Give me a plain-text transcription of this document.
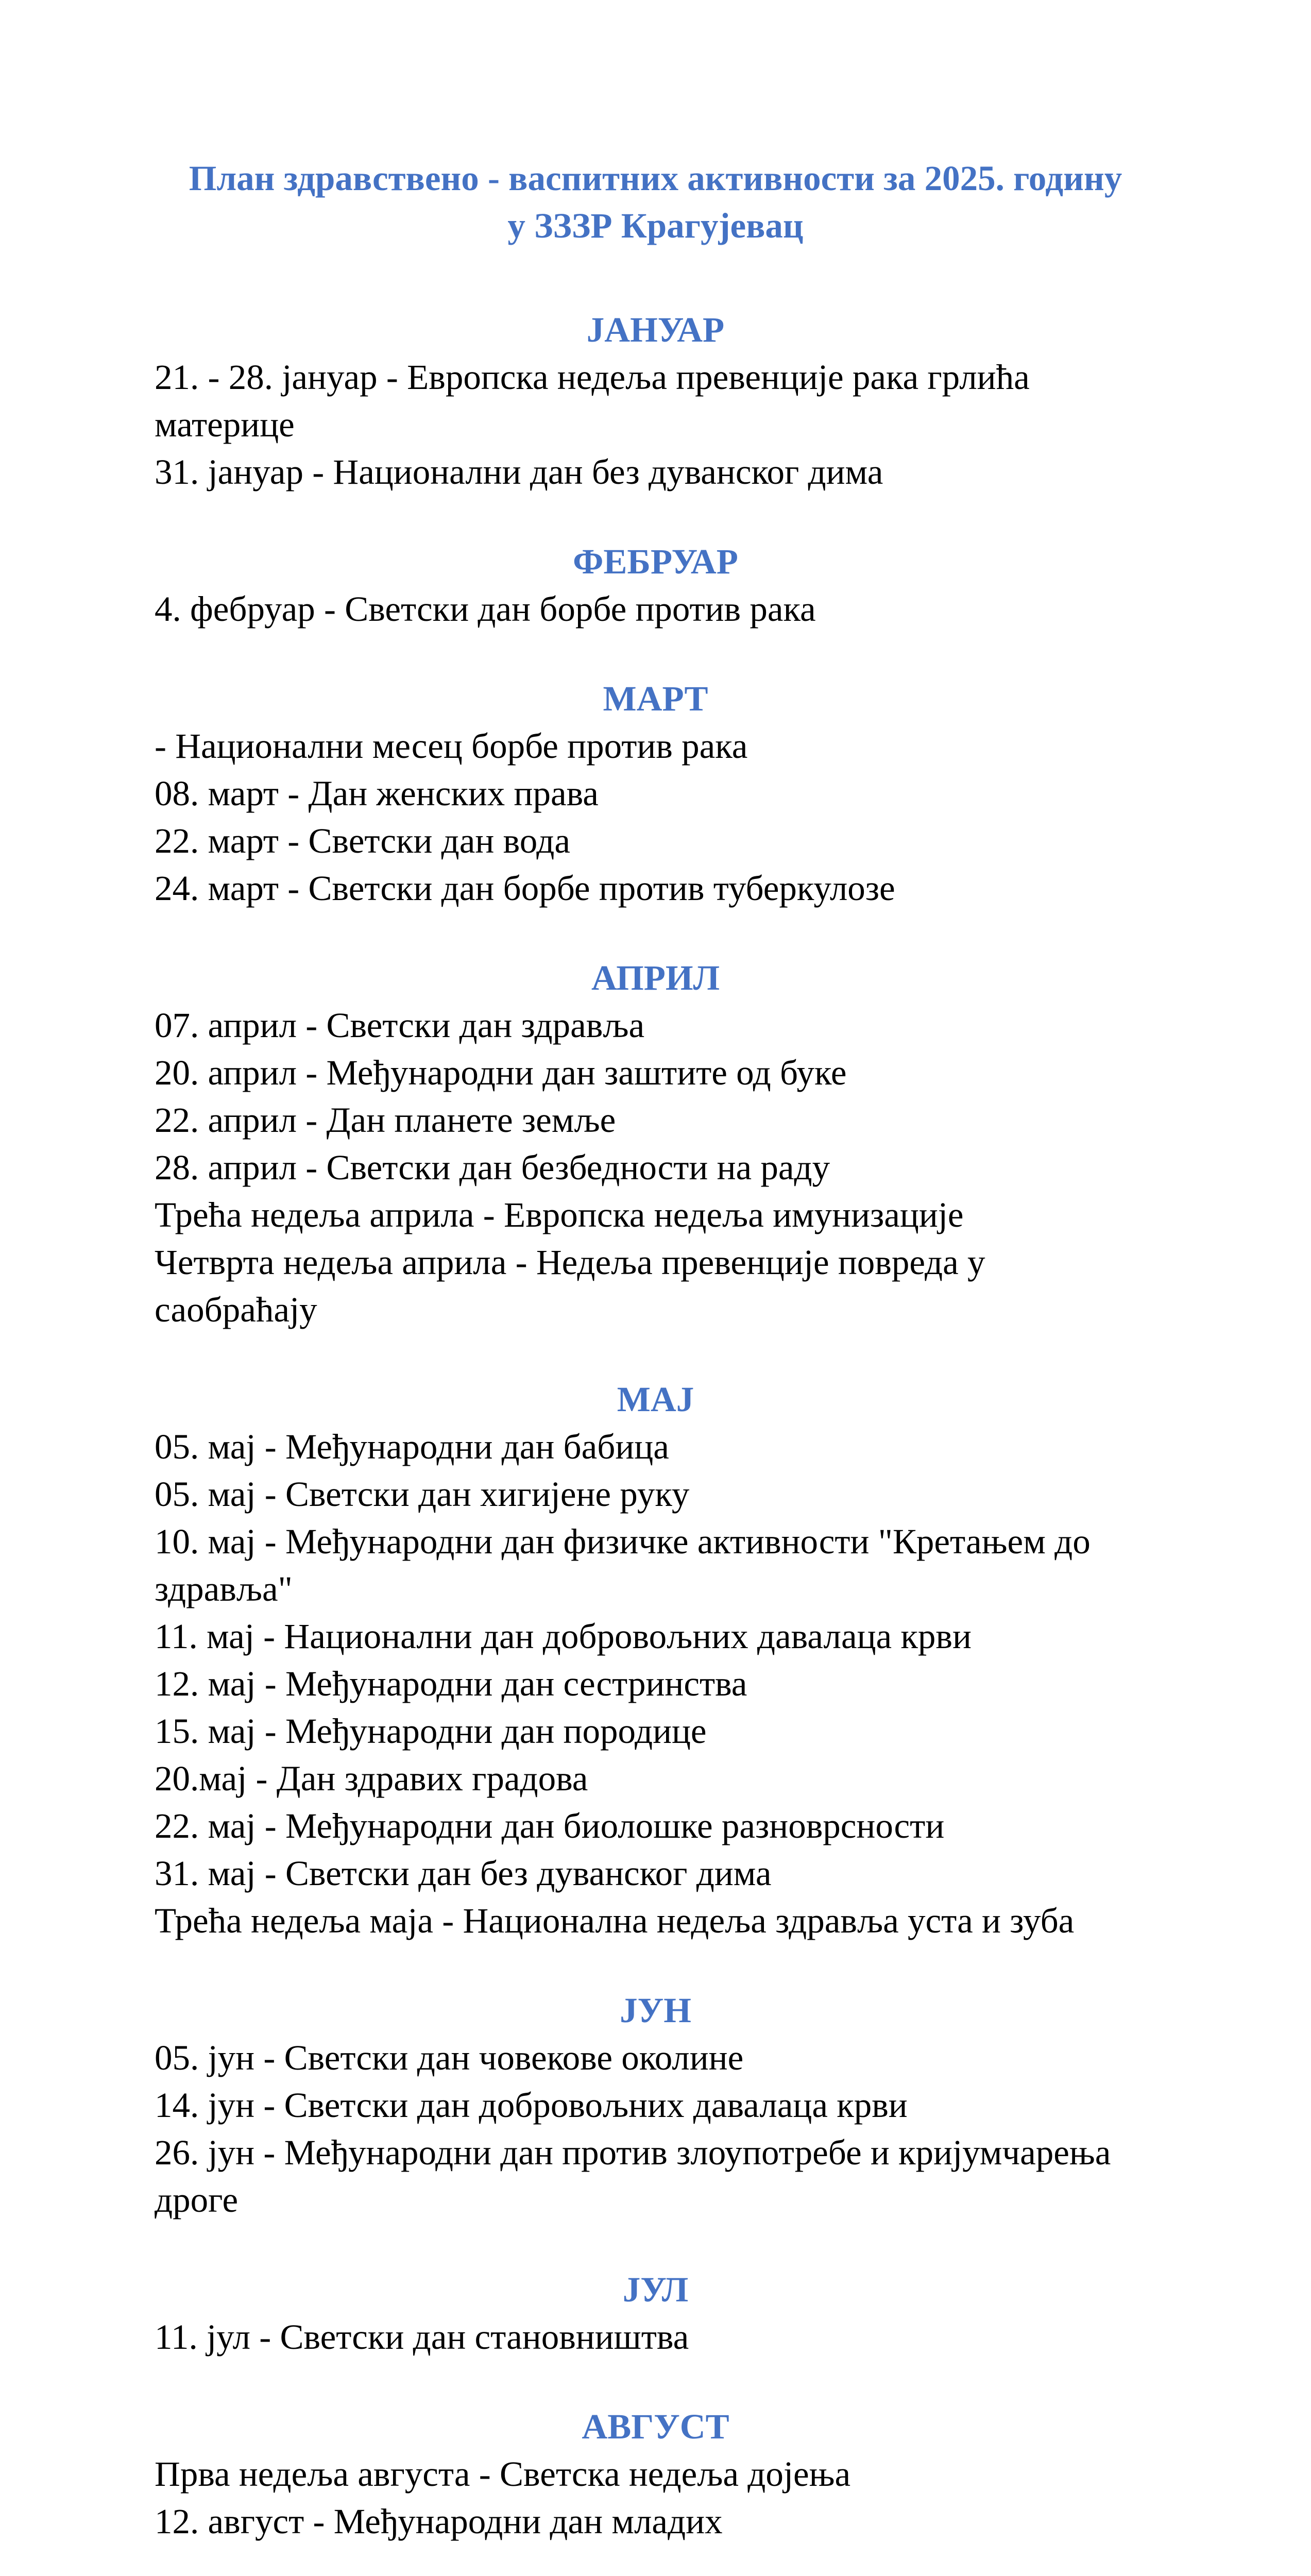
План здравствено - васпитних активности за 2025. годину
у ЗЗЗР Крагујевац
ЈАНУАР
21. - 28. јануар - Европска недеља превенције рака грлића материце
31. јануар - Национални дан без дуванског дима
ФЕБРУАР
4. фебруар - Светски дан борбе против рака
МАРТ
- Национални месец борбе против рака
08. март - Дан женских права
22. март - Светски дан вода
24. март - Светски дан борбе против туберкулозе
АПРИЛ
07. април - Светски дан здравља
20. април - Међународни дан заштите од буке
22. април - Дан планете земље
28. април - Светски дан безбедности на раду
Трећа недеља априла - Европска недеља имунизације
Четвртa недеља априла - Недеља превенције повреда у саобраћају
МАЈ
05. мај - Међународни дан бабица
05. мај - Светски дан хигијене руку
10. мај - Међународни дан физичке активности "Кретањем до здравља"
11. мај - Национални дан добровољних давалаца крви
12. мај - Међународни дан сестринства
15. мај - Међународни дан породице
20.мај - Дан здравих градова
22. мај - Међународни дан биолошке разноврсности
31. мај - Светски дан без дуванског дима
Трећа недеља маја - Национална недеља здравља уста и зуба
ЈУН
05. јун - Светски дан човекове околине
14. јун - Светски дан добровољних давалаца крви
26. јун - Међународни дан против злоупотребе и кријумчарења дроге
ЈУЛ
11. јул - Светски дан становништва
АВГУСТ
Прва недеља августа - Светска недеља дојења
12. август - Међународни дан младих
